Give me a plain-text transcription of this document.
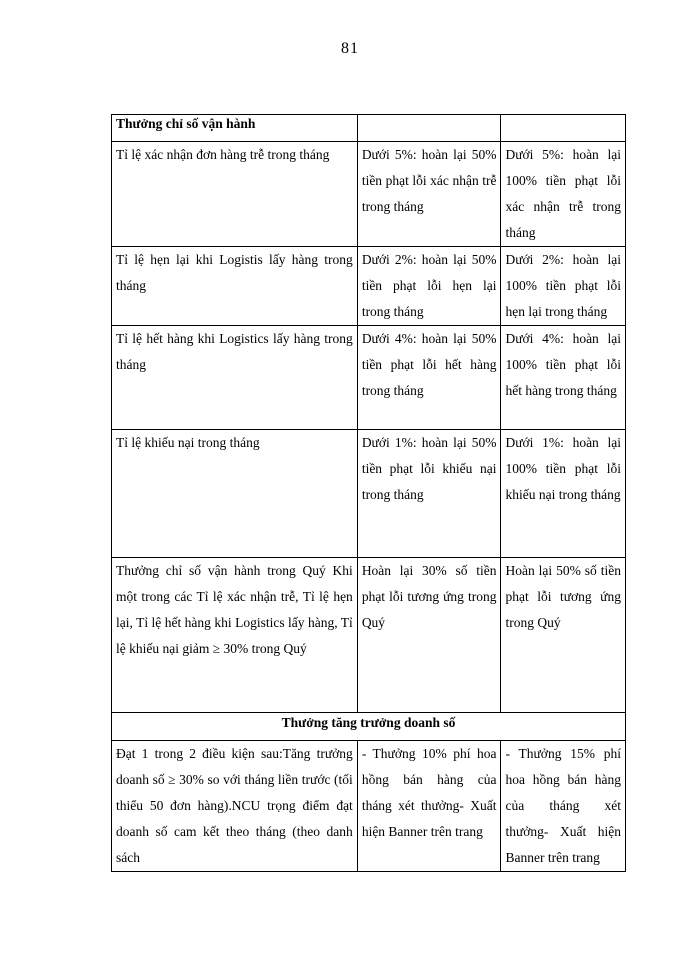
81
Thưởng chỉ số vận hành		
Tỉ lệ xác nhận đơn hàng trễ trong tháng	Dưới 5%: hoàn lại 50% tiền phạt lỗi xác nhận trễ trong tháng	Dưới 5%: hoàn lại 100% tiền phạt lỗi xác nhận trễ trong tháng
Tỉ lệ hẹn lại khi Logistis lấy hàng trong tháng	Dưới 2%: hoàn lại 50% tiền phạt lỗi hẹn lại trong tháng	Dưới 2%: hoàn lại 100% tiền phạt lỗi hẹn lại trong tháng
Tỉ lệ hết hàng khi Logistics lấy hàng trong tháng	Dưới 4%: hoàn lại 50% tiền phạt lỗi hết hàng trong tháng	Dưới 4%: hoàn lại 100% tiền phạt lỗi hết hàng trong tháng
Tỉ lệ khiếu nại trong tháng	Dưới 1%: hoàn lại 50% tiền phạt lỗi khiếu nại trong tháng	Dưới 1%: hoàn lại 100% tiền phạt lỗi khiếu nại trong tháng
Thưởng chỉ số vận hành trong Quý Khi một trong các Tỉ lệ xác nhận trễ, Tỉ lệ hẹn lại, Tỉ lệ hết hàng khi Logistics lấy hàng, Tỉ lệ khiếu nại giảm ≥ 30% trong Quý	Hoàn lại 30% số tiền phạt lỗi tương ứng trong Quý	Hoàn lại 50% số tiền phạt lỗi tương ứng trong Quý
Thưởng tăng trưởng doanh số		
Đạt 1 trong 2 điều kiện sau:Tăng trưởng doanh số ≥ 30% so với tháng liền trước (tối thiểu 50 đơn hàng).NCU trọng điểm đạt doanh số cam kết theo tháng (theo danh sách	- Thưởng 10% phí hoa hồng bán hàng của tháng xét thưởng- Xuất hiện Banner trên trang	- Thưởng 15% phí hoa hồng bán hàng của tháng xét thưởng- Xuất hiện Banner trên trang
